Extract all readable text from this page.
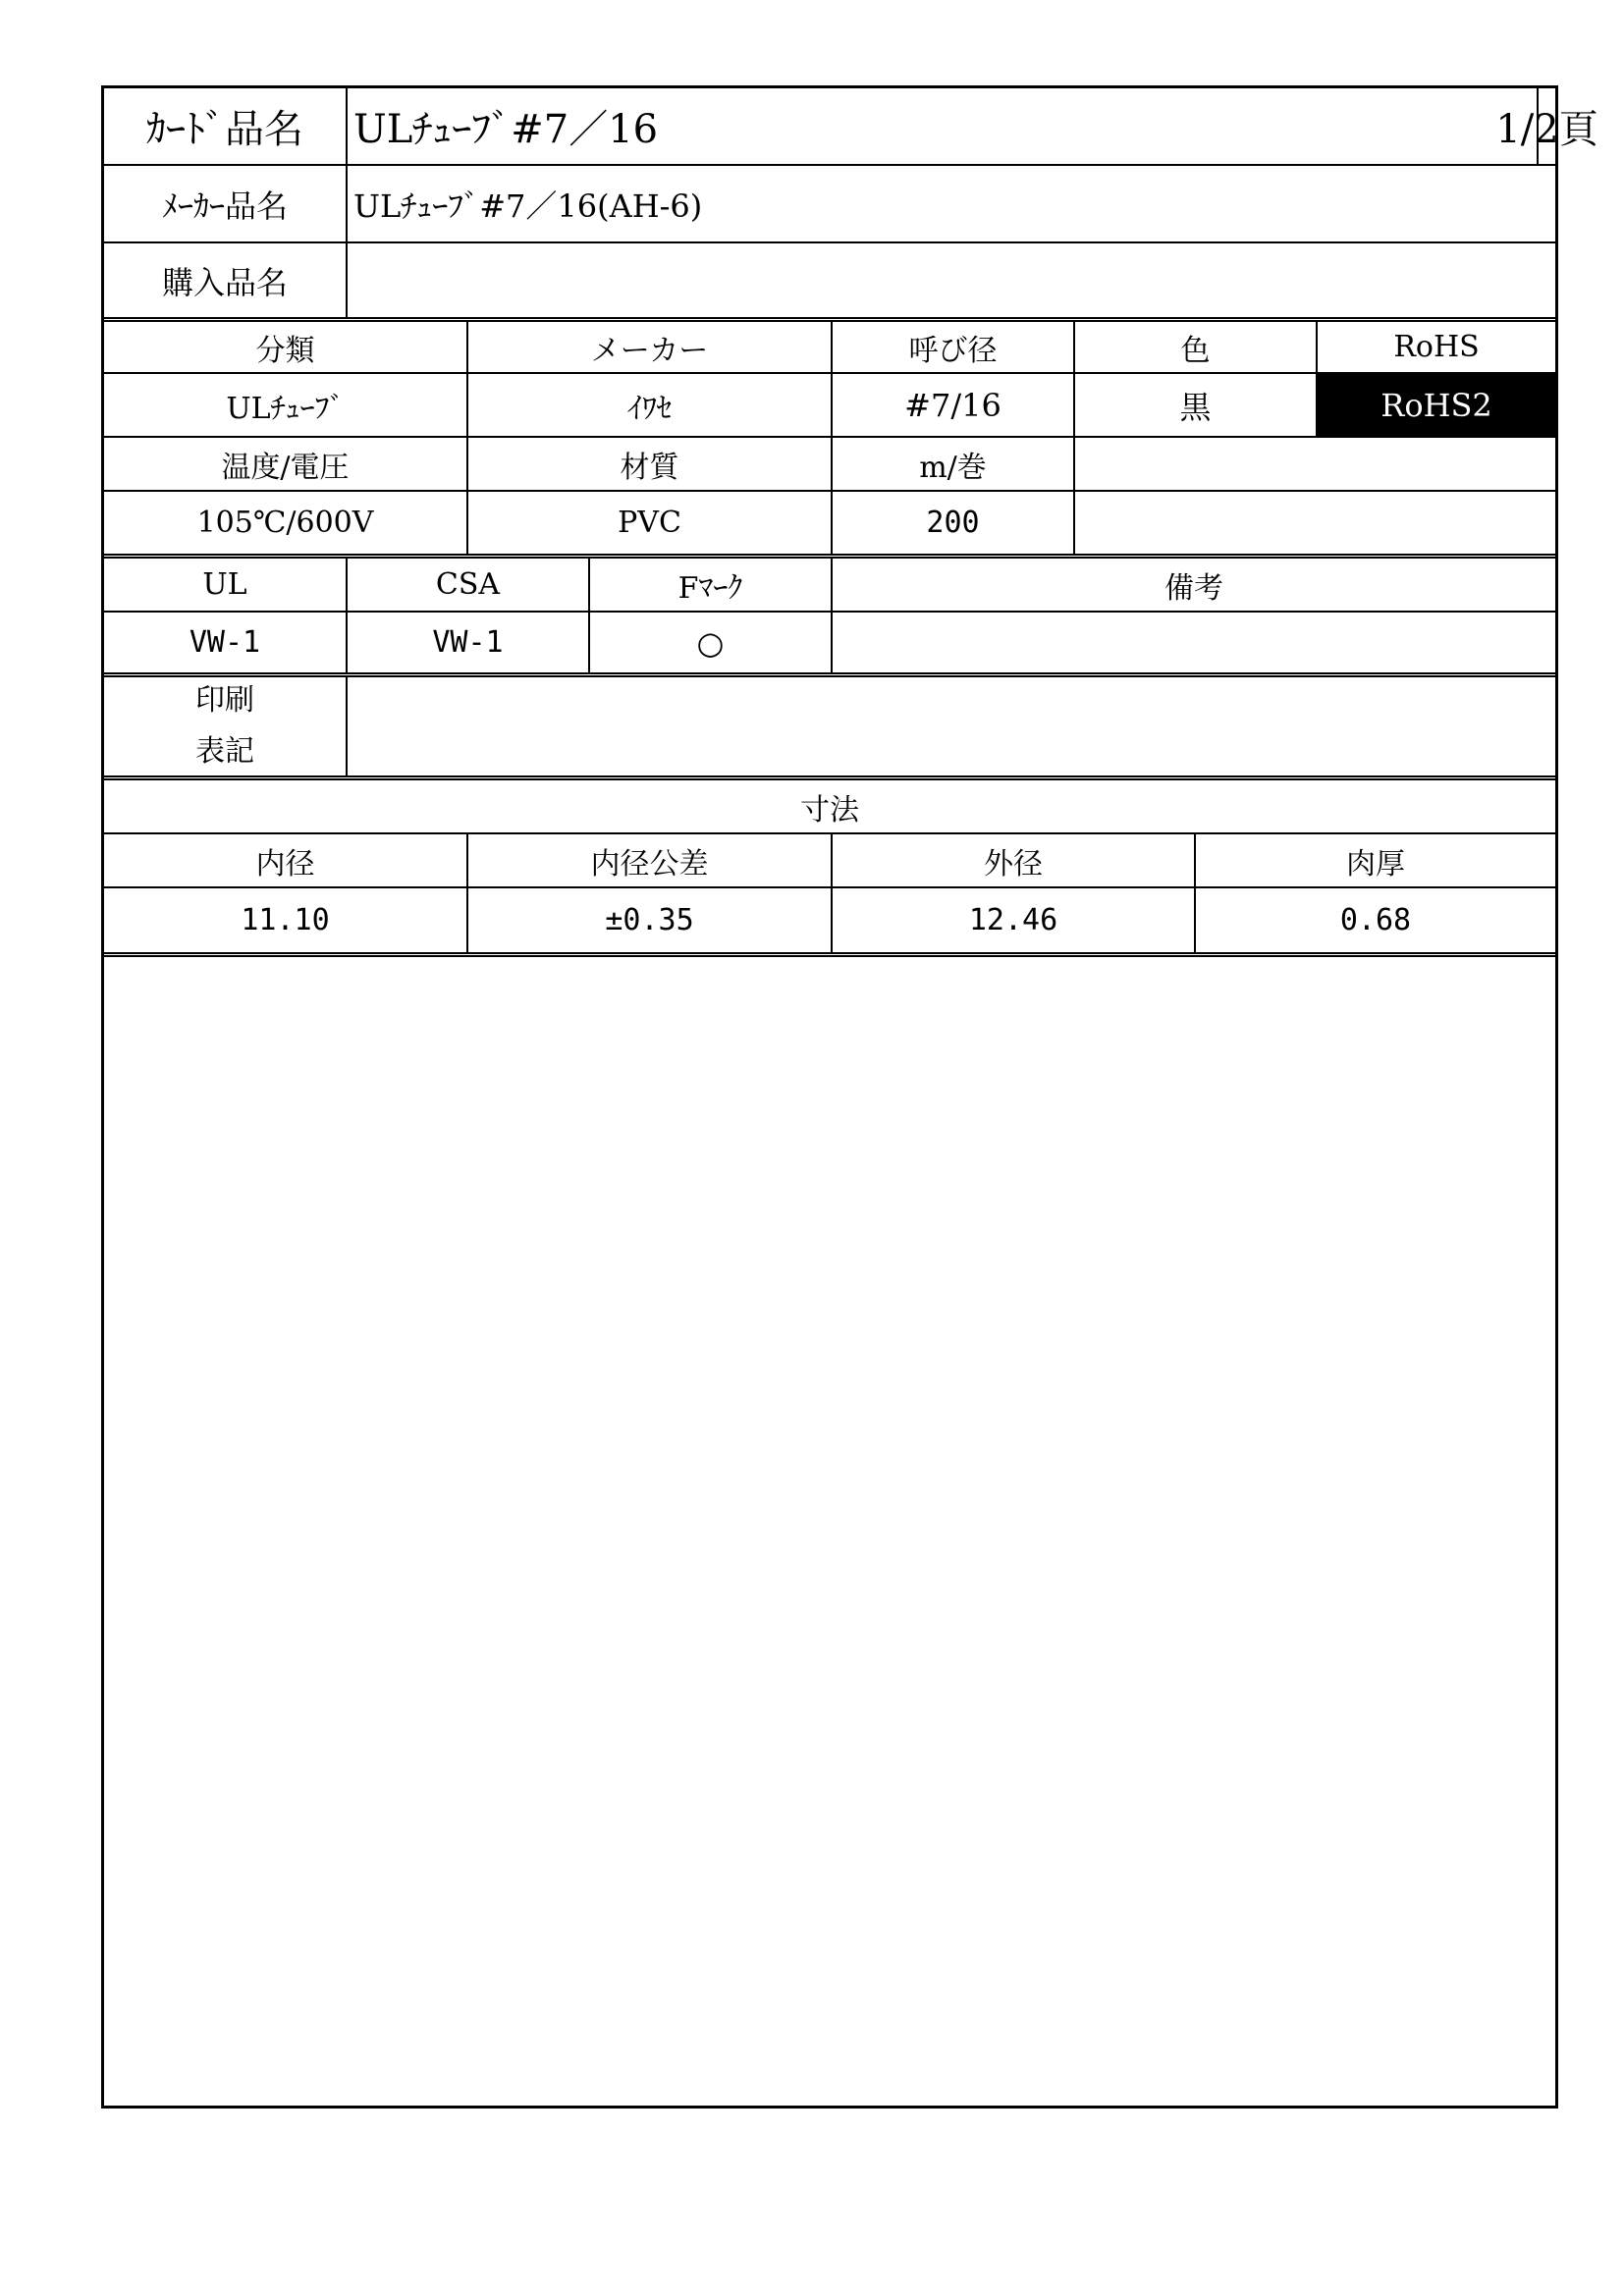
ｶｰﾄﾞ品名	ULﾁｭｰﾌﾞ#7／16	1/2頁
ﾒｰｶｰ品名	ULﾁｭｰﾌﾞ#7／16(AH-6)
購入品名
分類	メーカー	呼び径	色	RoHS
ULﾁｭｰﾌﾞ	ｲﾜｾ	#7/16	黒	RoHS2
温度/電圧	材質	m/巻
105℃/600V	PVC	200
UL	CSA	Fﾏｰｸ	備考
VW-1	VW-1	○
印刷
表記
寸法
内径	内径公差	外径	肉厚
11.10	±0.35	12.46	0.68
